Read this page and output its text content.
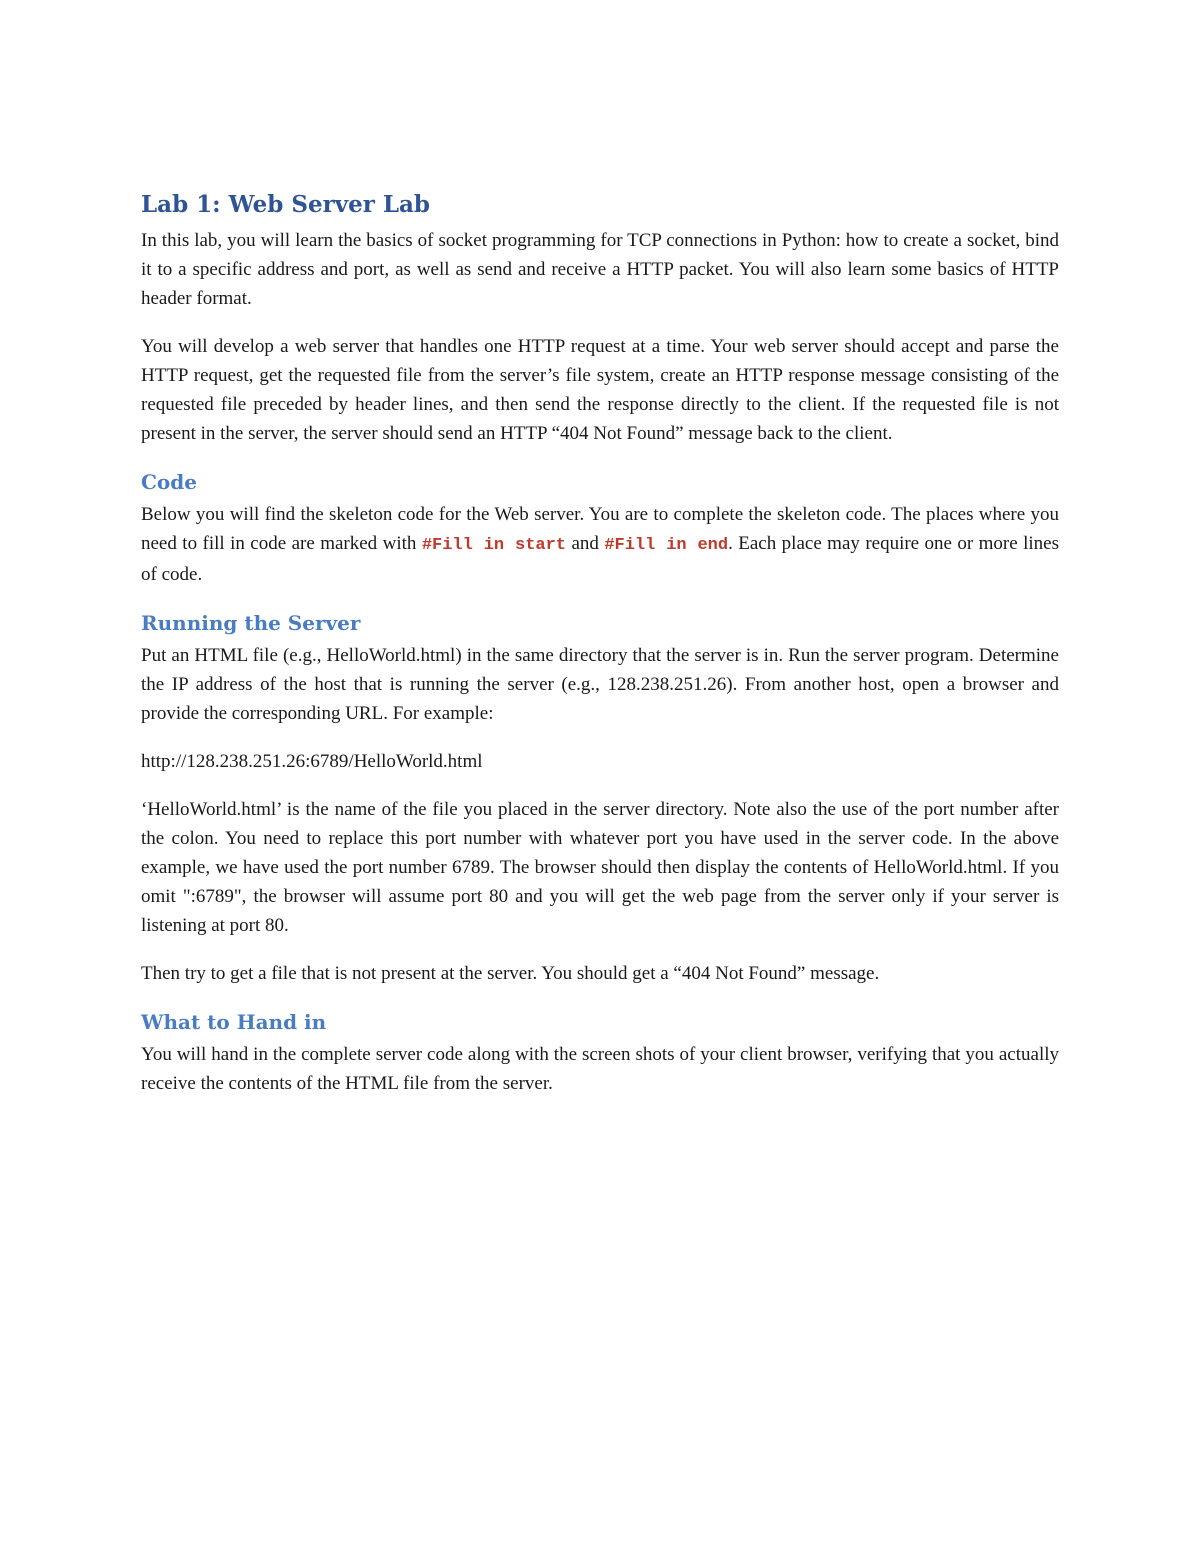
Lab 1: Web Server Lab

In this lab, you will learn the basics of socket programming for TCP connections in Python: how to create a socket, bind it to a specific address and port, as well as send and receive a HTTP packet. You will also learn some basics of HTTP header format.

You will develop a web server that handles one HTTP request at a time. Your web server should accept and parse the HTTP request, get the requested file from the server’s file system, create an HTTP response message consisting of the requested file preceded by header lines, and then send the response directly to the client. If the requested file is not present in the server, the server should send an HTTP “404 Not Found” message back to the client.

Code

Below you will find the skeleton code for the Web server. You are to complete the skeleton code. The places where you need to fill in code are marked with #Fill in start and #Fill in end. Each place may require one or more lines of code.

Running the Server

Put an HTML file (e.g., HelloWorld.html) in the same directory that the server is in. Run the server program. Determine the IP address of the host that is running the server (e.g., 128.238.251.26). From another host, open a browser and provide the corresponding URL. For example:

http://128.238.251.26:6789/HelloWorld.html

‘HelloWorld.html’ is the name of the file you placed in the server directory. Note also the use of the port number after the colon. You need to replace this port number with whatever port you have used in the server code. In the above example, we have used the port number 6789. The browser should then display the contents of HelloWorld.html. If you omit ":6789", the browser will assume port 80 and you will get the web page from the server only if your server is listening at port 80.

Then try to get a file that is not present at the server. You should get a “404 Not Found” message.

What to Hand in

You will hand in the complete server code along with the screen shots of your client browser, verifying that you actually receive the contents of the HTML file from the server.
